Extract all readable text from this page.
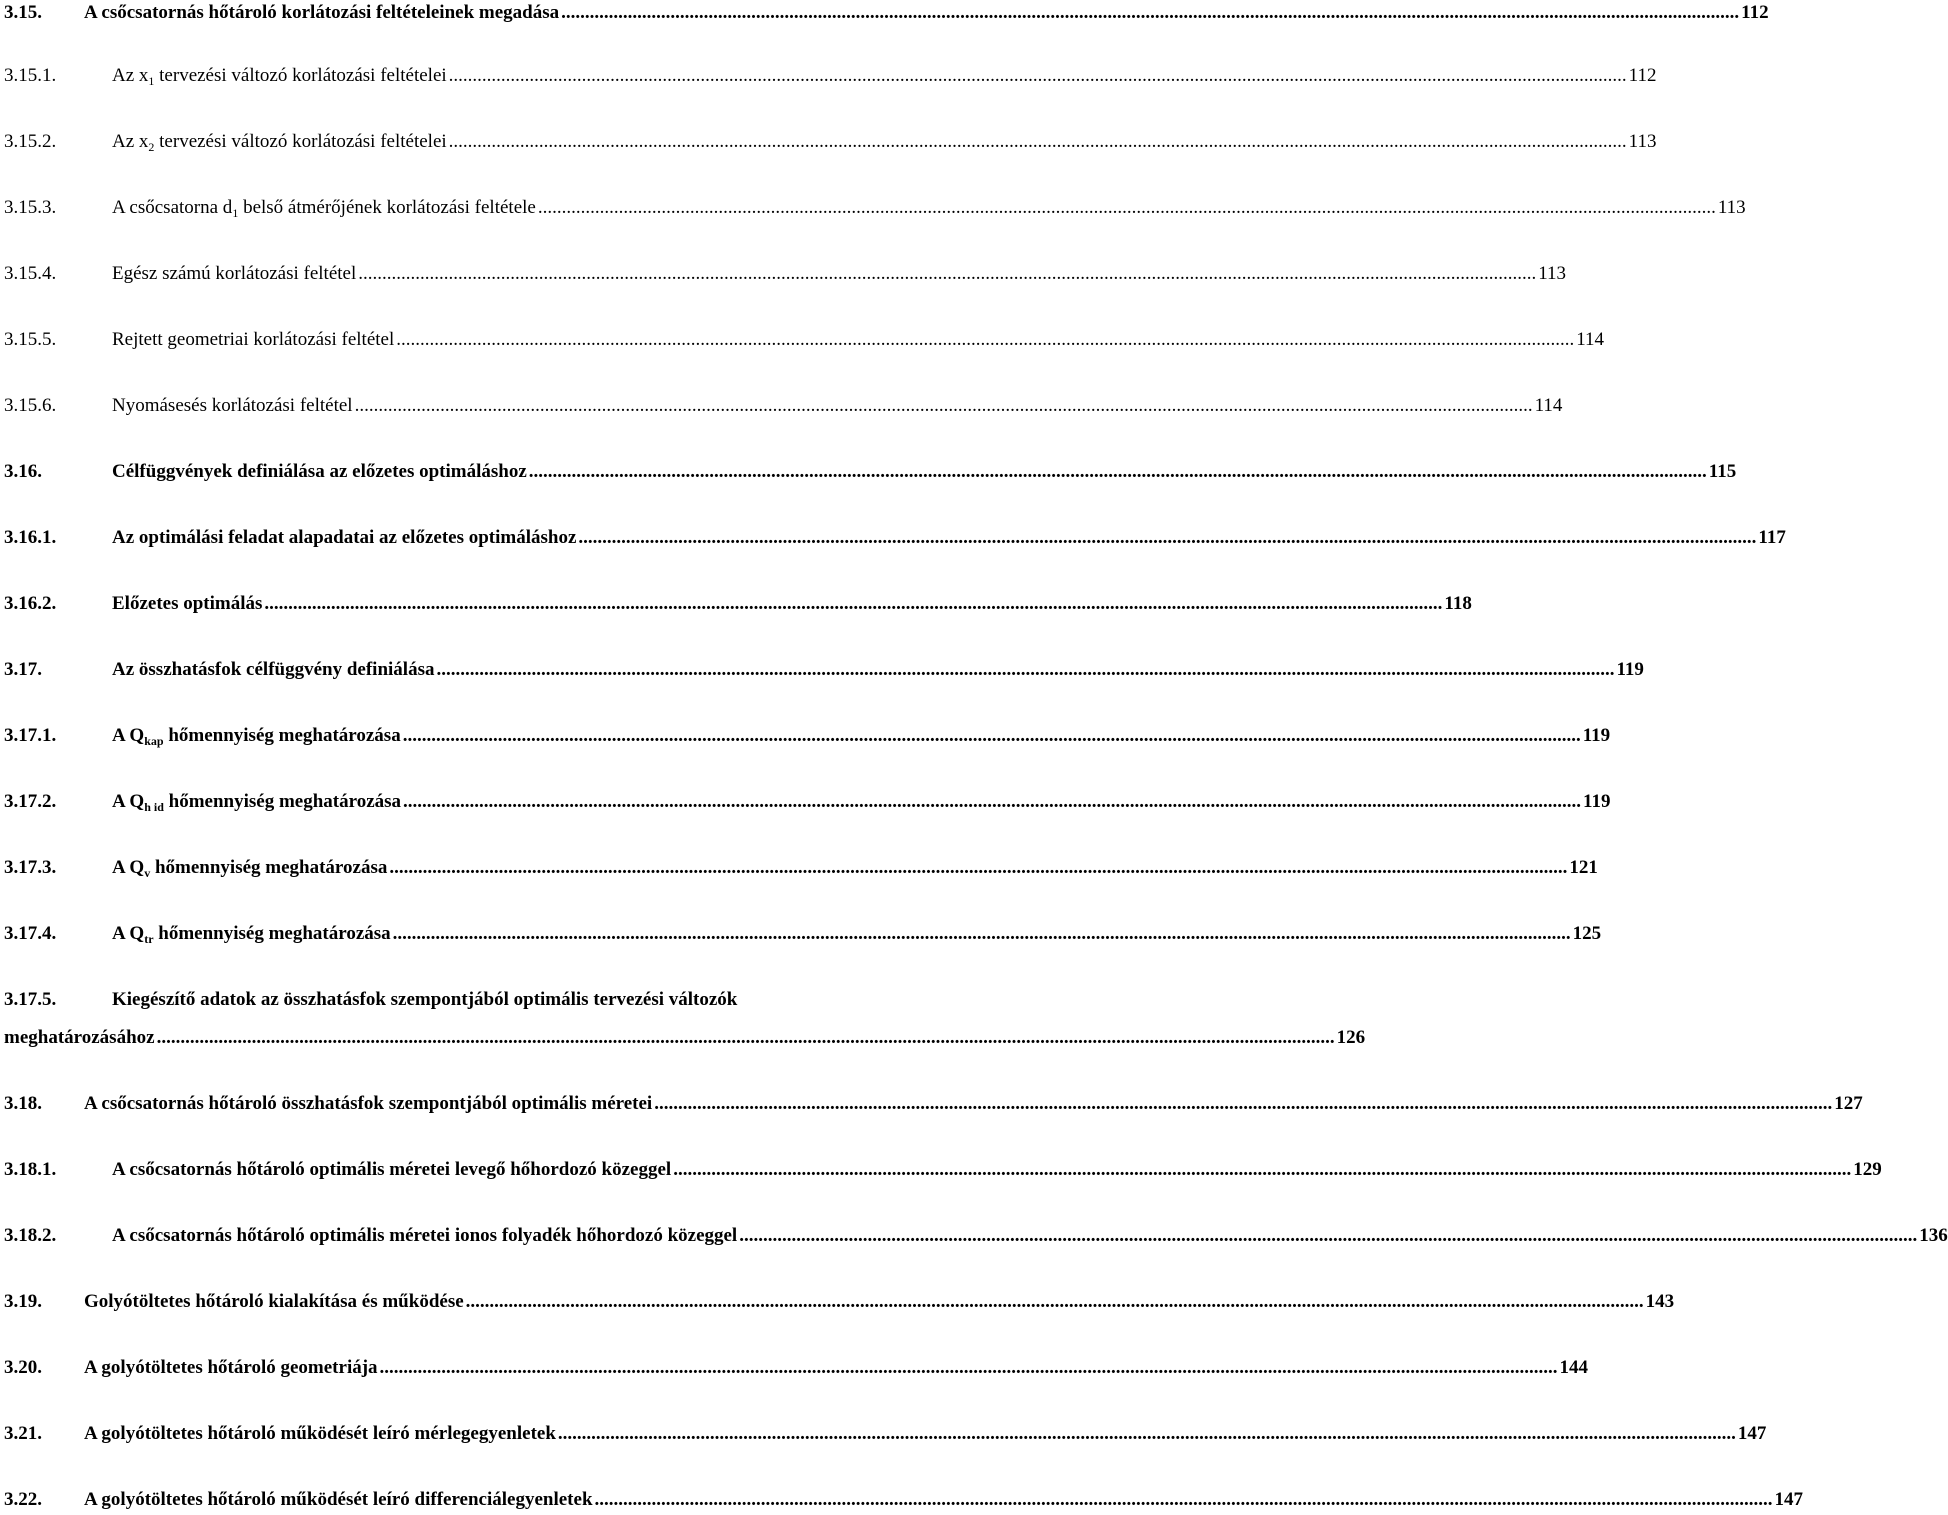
3.15.	A csőcsatornás hőtároló korlátozási feltételeinek megadása .....	112
3.15.1.	Az $x_1$ tervezési változó korlátozási feltételei .....	112
3.15.2.	Az $x_2$ tervezési változó korlátozási feltételei .....	113
3.15.3.	A csőcsatorna $d_1$ belső átmérőjének korlátozási feltétele .....	113
3.15.4.	Egész számú korlátozási feltétel .....	113
3.15.5.	Rejtett geometriai korlátozási feltétel .....	114
3.15.6.	Nyomásesés korlátozási feltétel .....	114
3.16.	Célfüggvények definiálása az előzetes optimáláshoz .....	115
3.16.1.	Az optimálási feladat alapadatai az előzetes optimáláshoz .....	117
3.16.2.	Előzetes optimálás .....	118
3.17.	Az összhatásfok célfüggvény definiálása .....	119
3.17.1.	A $Q_{kap}$ hőmennyiség meghatározása .....	119
3.17.2.	A $Q_{h id}$ hőmennyiség meghatározása .....	119
3.17.3.	A $Q_v$ hőmennyiség meghatározása .....	121
3.17.4.	A $Q_{tr}$ hőmennyiség meghatározása .....	125
3.17.5.	Kiegészítő adatok az összhatásfok szempontjából optimális tervezési változók
meghatározásához .....	126
3.18.	A csőcsatornás hőtároló összhatásfok szempontjából optimális méretei .....	127
3.18.1.	A csőcsatornás hőtároló optimális méretei levegő hőhordozó közeggel .....	129
3.18.2.	A csőcsatornás hőtároló optimális méretei ionos folyadék hőhordozó közeggel .....	136
3.19.	Golyótöltetes hőtároló kialakítása és működése .....	143
3.20.	A golyótöltetes hőtároló geometriája .....	144
3.21.	A golyótöltetes hőtároló működését leíró mérlegegyenletek .....	147
3.22.	A golyótöltetes hőtároló működését leíró differenciálegyenletek .....	147
